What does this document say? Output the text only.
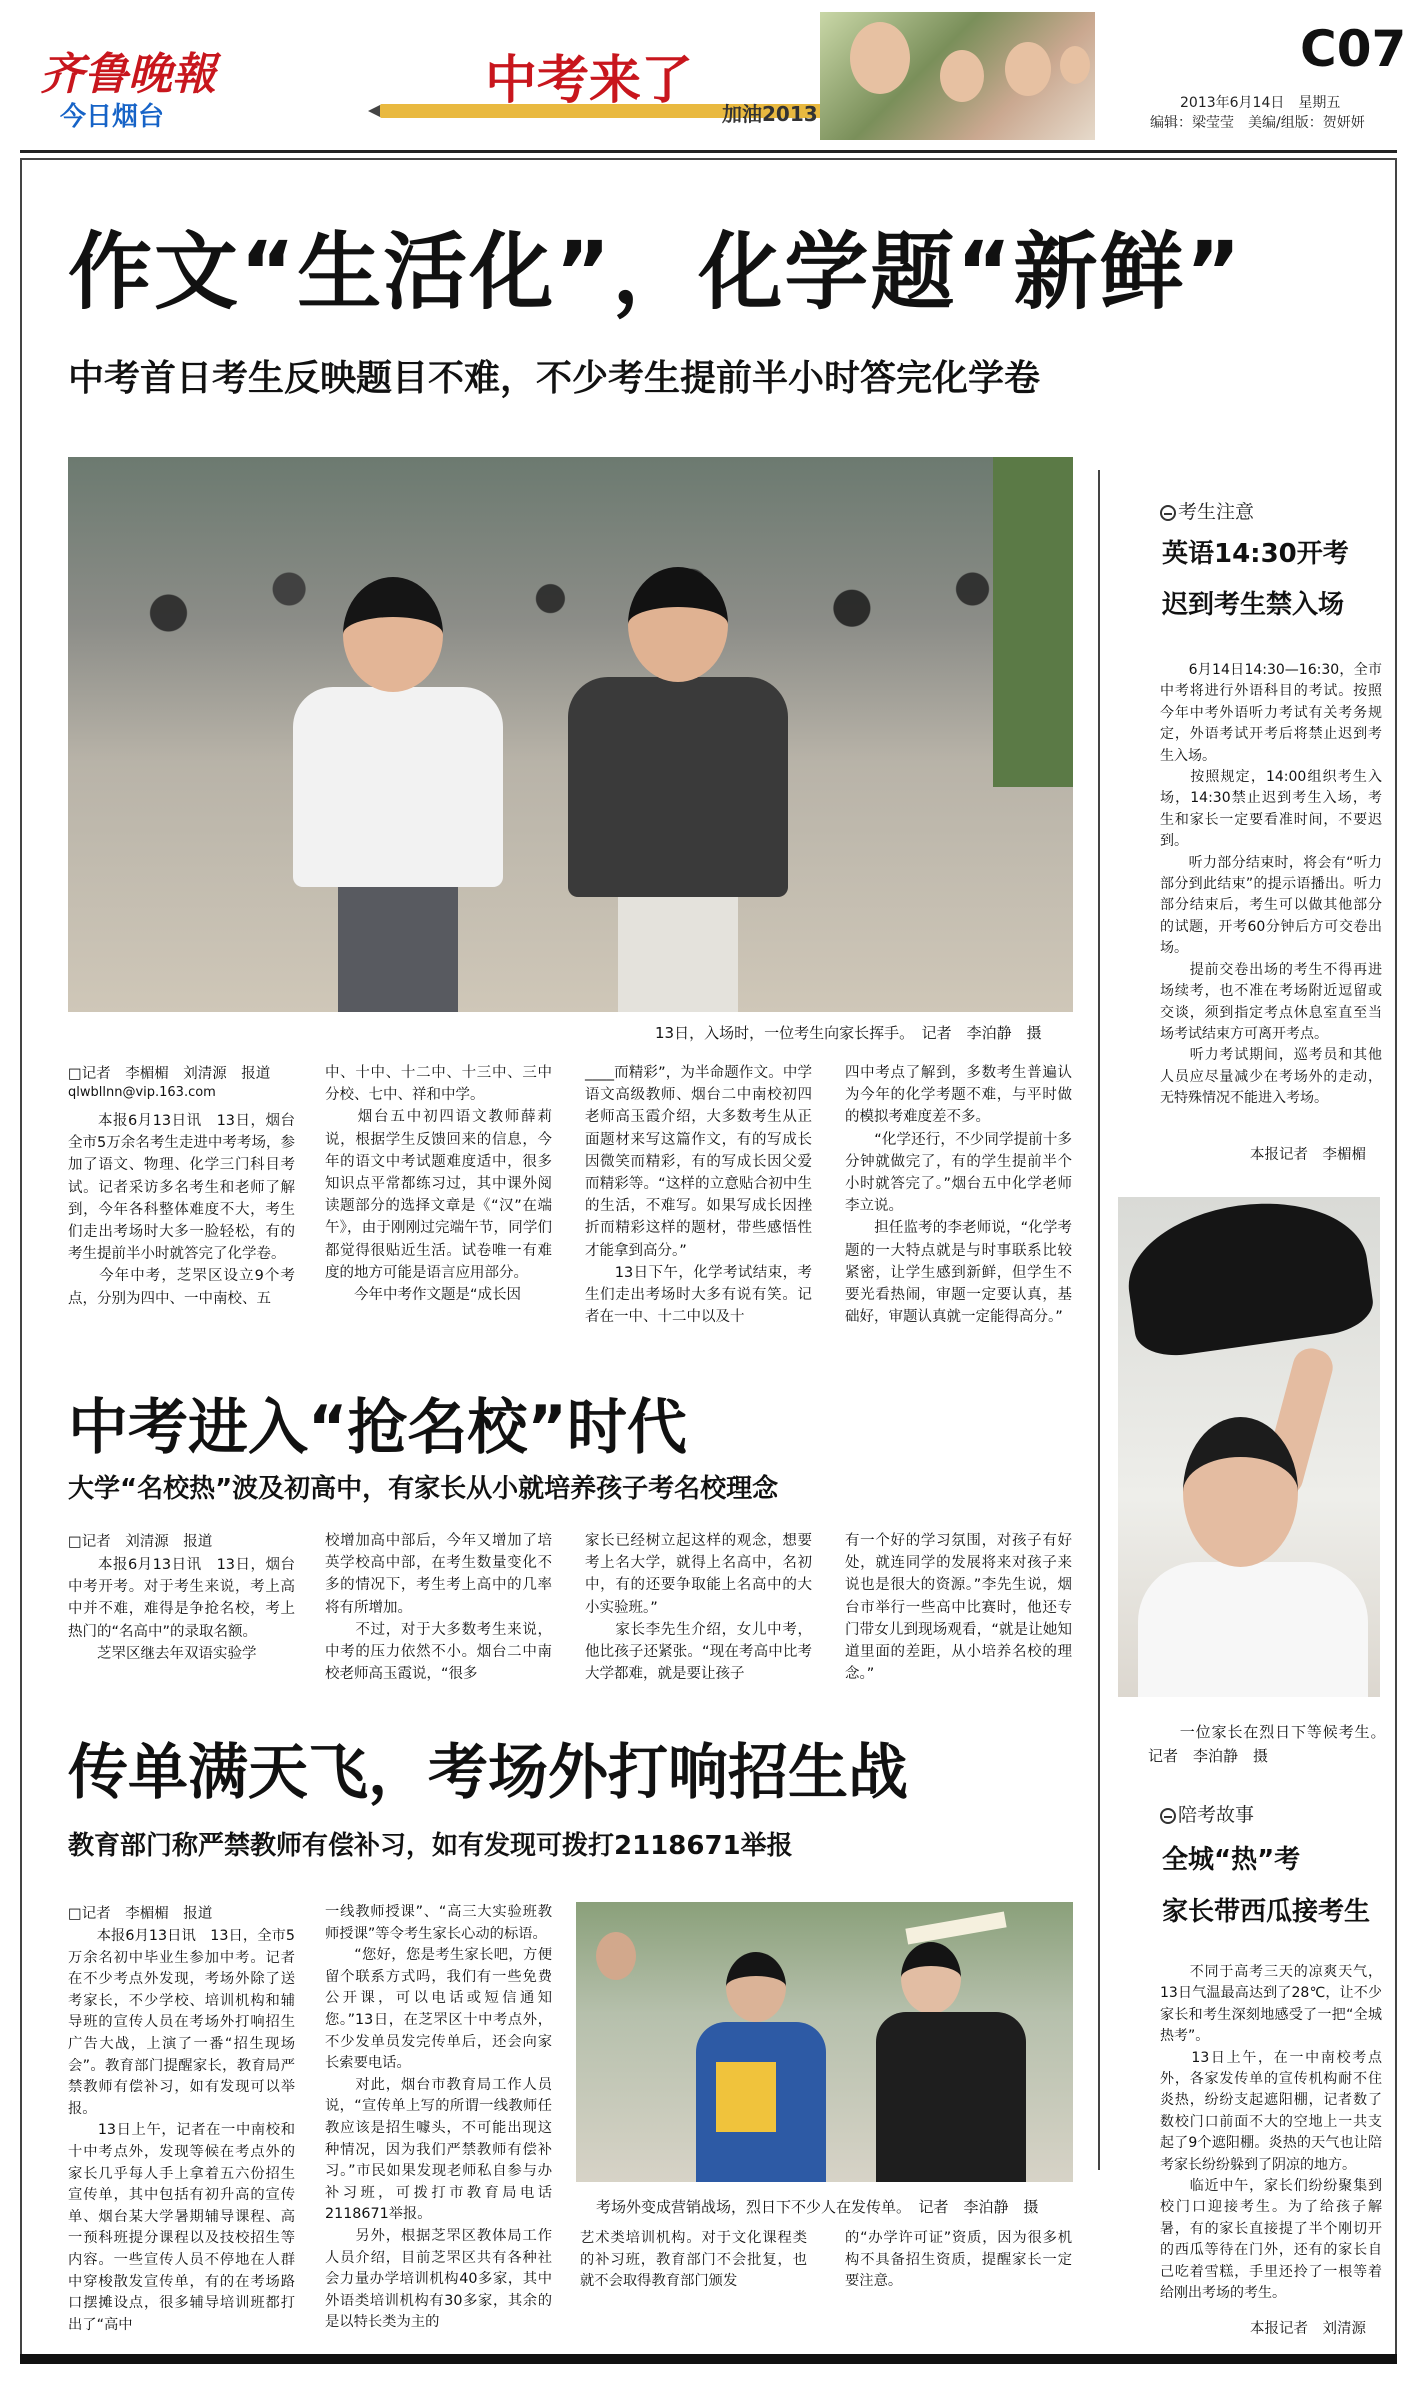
齐鲁晚報
今日烟台
中考来了
加油2013
C07
2013年6月14日　星期五
编辑：梁莹莹　美编/组版：贺妍妍
作文“生活化”，化学题“新鲜”
中考首日考生反映题目不难，不少考生提前半小时答完化学卷
13日，入场时，一位考生向家长挥手。　记者　李泊静　摄
□记者　李楣楣　刘清源　报道
qlwbllnn@vip.163.com
　　本报6月13日讯　13日，烟台全市5万余名考生走进中考考场，参加了语文、物理、化学三门科目考试。记者采访多名考生和老师了解到，今年各科整体难度不大，考生们走出考场时大多一脸轻松，有的考生提前半小时就答完了化学卷。
　　今年中考，芝罘区设立9个考点，分别为四中、一中南校、五
中、十中、十二中、十三中、三中分校、七中、祥和中学。
　　烟台五中初四语文教师薛莉说，根据学生反馈回来的信息，今年的语文中考试题难度适中，很多知识点平常都练习过，其中课外阅读题部分的选择文章是《“汉”在端午》，由于刚刚过完端午节，同学们都觉得很贴近生活。试卷唯一有难度的地方可能是语言应用部分。
　　今年中考作文题是“成长因
____而精彩”，为半命题作文。中学语文高级教师、烟台二中南校初四老师高玉霞介绍，大多数考生从正面题材来写这篇作文，有的写成长因微笑而精彩，有的写成长因父爱而精彩等。“这样的立意贴合初中生的生活，不难写。如果写成长因挫折而精彩这样的题材，带些感悟性才能拿到高分。”
　　13日下午，化学考试结束，考生们走出考场时大多有说有笑。记者在一中、十二中以及十
四中考点了解到，多数考生普遍认为今年的化学考题不难，与平时做的模拟考难度差不多。
　　“化学还行，不少同学提前十多分钟就做完了，有的学生提前半个小时就答完了。”烟台五中化学老师李立说。
　　担任监考的李老师说，“化学考题的一大特点就是与时事联系比较紧密，让学生感到新鲜，但学生不要光看热闹，审题一定要认真，基础好，审题认真就一定能得高分。”
考生注意
英语14:30开考
迟到考生禁入场
　　6月14日14:30—16:30，全市中考将进行外语科目的考试。按照今年中考外语听力考试有关考务规定，外语考试开考后将禁止迟到考生入场。
　　按照规定，14:00组织考生入场，14:30禁止迟到考生入场，考生和家长一定要看准时间，不要迟到。
　　听力部分结束时，将会有“听力部分到此结束”的提示语播出。听力部分结束后，考生可以做其他部分的试题，开考60分钟后方可交卷出场。
　　提前交卷出场的考生不得再进场续考，也不准在考场附近逗留或交谈，须到指定考点休息室直至当场考试结束方可离开考点。
　　听力考试期间，巡考员和其他人员应尽量减少在考场外的走动，无特殊情况不能进入考场。
本报记者　李楣楣
　　一位家长在烈日下等候考生。　记者　李泊静　摄
中考进入“抢名校”时代
大学“名校热”波及初高中，有家长从小就培养孩子考名校理念
□记者　刘清源　报道
　　本报6月13日讯　13日，烟台中考开考。对于考生来说，考上高中并不难，难得是争抢名校，考上热门的“名高中”的录取名额。
　　芝罘区继去年双语实验学
校增加高中部后，今年又增加了培英学校高中部，在考生数量变化不多的情况下，考生考上高中的几率将有所增加。
　　不过，对于大多数考生来说，中考的压力依然不小。烟台二中南校老师高玉霞说，“很多
家长已经树立起这样的观念，想要考上名大学，就得上名高中，名初中，有的还要争取能上名高中的大小实验班。”
　　家长李先生介绍，女儿中考，他比孩子还紧张。“现在考高中比考大学都难，就是要让孩子
有一个好的学习氛围，对孩子有好处，就连同学的发展将来对孩子来说也是很大的资源。”李先生说，烟台市举行一些高中比赛时，他还专门带女儿到现场观看，“就是让她知道里面的差距，从小培养名校的理念。”
传单满天飞，考场外打响招生战
教育部门称严禁教师有偿补习，如有发现可拨打2118671举报
□记者　李楣楣　报道
　　本报6月13日讯　13日，全市5万余名初中毕业生参加中考。记者在不少考点外发现，考场外除了送考家长，不少学校、培训机构和辅导班的宣传人员在考场外打响招生广告大战，上演了一番“招生现场会”。教育部门提醒家长，教育局严禁教师有偿补习，如有发现可以举报。
　　13日上午，记者在一中南校和十中考点外，发现等候在考点外的家长几乎每人手上拿着五六份招生宣传单，其中包括有初升高的宣传单、烟台某大学暑期辅导课程、高一预科班提分课程以及技校招生等内容。一些宣传人员不停地在人群中穿梭散发宣传单，有的在考场路口摆摊设点，很多辅导培训班都打出了“高中
一线教师授课”、“高三大实验班教师授课”等令考生家长心动的标语。
　　“您好，您是考生家长吧，方便留个联系方式吗，我们有一些免费公开课，可以电话或短信通知您。”13日，在芝罘区十中考点外，不少发单员发完传单后，还会向家长索要电话。
　　对此，烟台市教育局工作人员说，“宣传单上写的所谓一线教师任教应该是招生噱头，不可能出现这种情况，因为我们严禁教师有偿补习。”市民如果发现老师私自参与办补习班，可拨打市教育局电话2118671举报。
　　另外，根据芝罘区教体局工作人员介绍，目前芝罘区共有各种社会力量办学培训机构40多家，其中外语类培训机构有30多家，其余的是以特长类为主的
考场外变成营销战场，烈日下不少人在发传单。　记者　李泊静　摄
艺术类培训机构。对于文化课程类的补习班，教育部门不会批复，也就不会取得教育部门颁发
的“办学许可证”资质，因为很多机构不具备招生资质，提醒家长一定要注意。
陪考故事
全城“热”考
家长带西瓜接考生
　　不同于高考三天的凉爽天气，13日气温最高达到了28℃，让不少家长和考生深刻地感受了一把“全城热考”。
　　13日上午，在一中南校考点外，各家发传单的宣传机构耐不住炎热，纷纷支起遮阳棚，记者数了数校门口前面不大的空地上一共支起了9个遮阳棚。炎热的天气也让陪考家长纷纷躲到了阴凉的地方。
　　临近中午，家长们纷纷聚集到校门口迎接考生。为了给孩子解暑，有的家长直接提了半个刚切开的西瓜等待在门外，还有的家长自己吃着雪糕，手里还拎了一根等着给刚出考场的考生。
本报记者　刘清源
